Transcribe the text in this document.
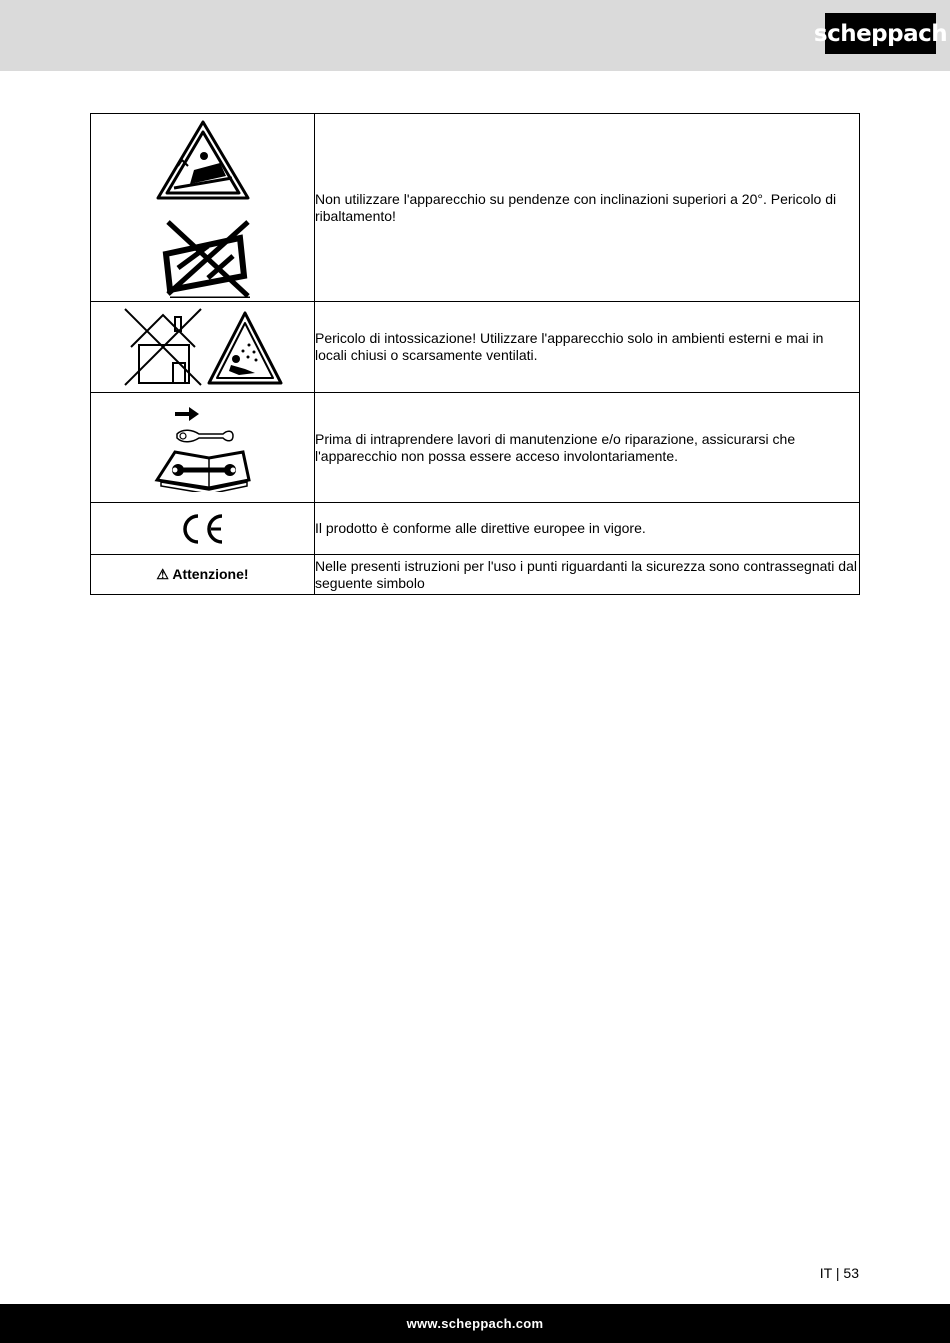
scheppach
	Non utilizzare l'apparecchio su pendenze con inclinazioni superiori a 20°. Pericolo di ribaltamento!

	Pericolo di intossicazione! Utilizzare l'apparecchio solo in ambienti esterni e mai in locali chiusi o scarsamente ventilati.

	Prima di intraprendere lavori di manutenzione e/o riparazione, assicurarsi che l'apparecchio non possa essere acceso involontariamente.

	Il prodotto è conforme alle direttive europee in vigore.
⚠ Attenzione!	Nelle presenti istruzioni per l'uso i punti riguardanti la sicurezza sono contrassegnati dal seguente simbolo
IT | 53
www.scheppach.com
